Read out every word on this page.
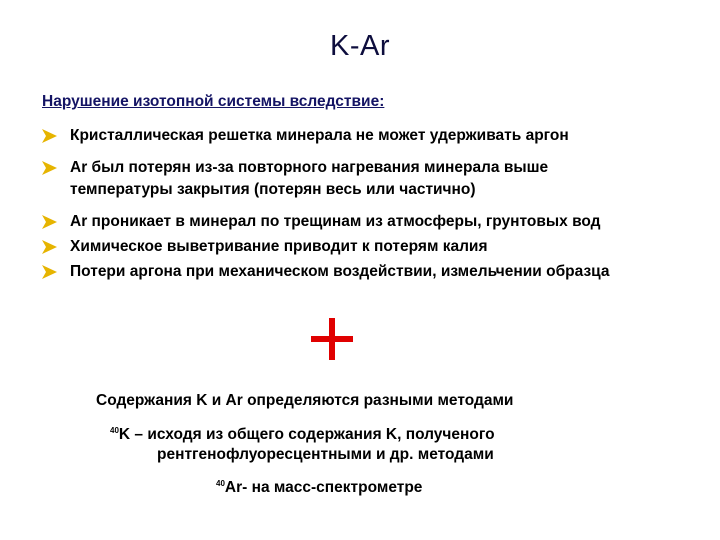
K-Ar
Нарушение изотопной системы вследствие:
Кристаллическая решетка минерала не может удерживать аргон
Ar был потерян из-за повторного нагревания минерала выше
температуры закрытия (потерян весь или частично)
Ar проникает в минерал по трещинам из атмосферы, грунтовых вод
Химическое выветривание приводит к потерям калия
Потери аргона при механическом воздействии, измельчении образца
Содержания K и Ar определяются разными методами
$^{40}$K – исходя из общего содержания K, полученого
рентгенофлуоресцентными и др. методами
$^{40}$Ar- на масс-спектрометре
